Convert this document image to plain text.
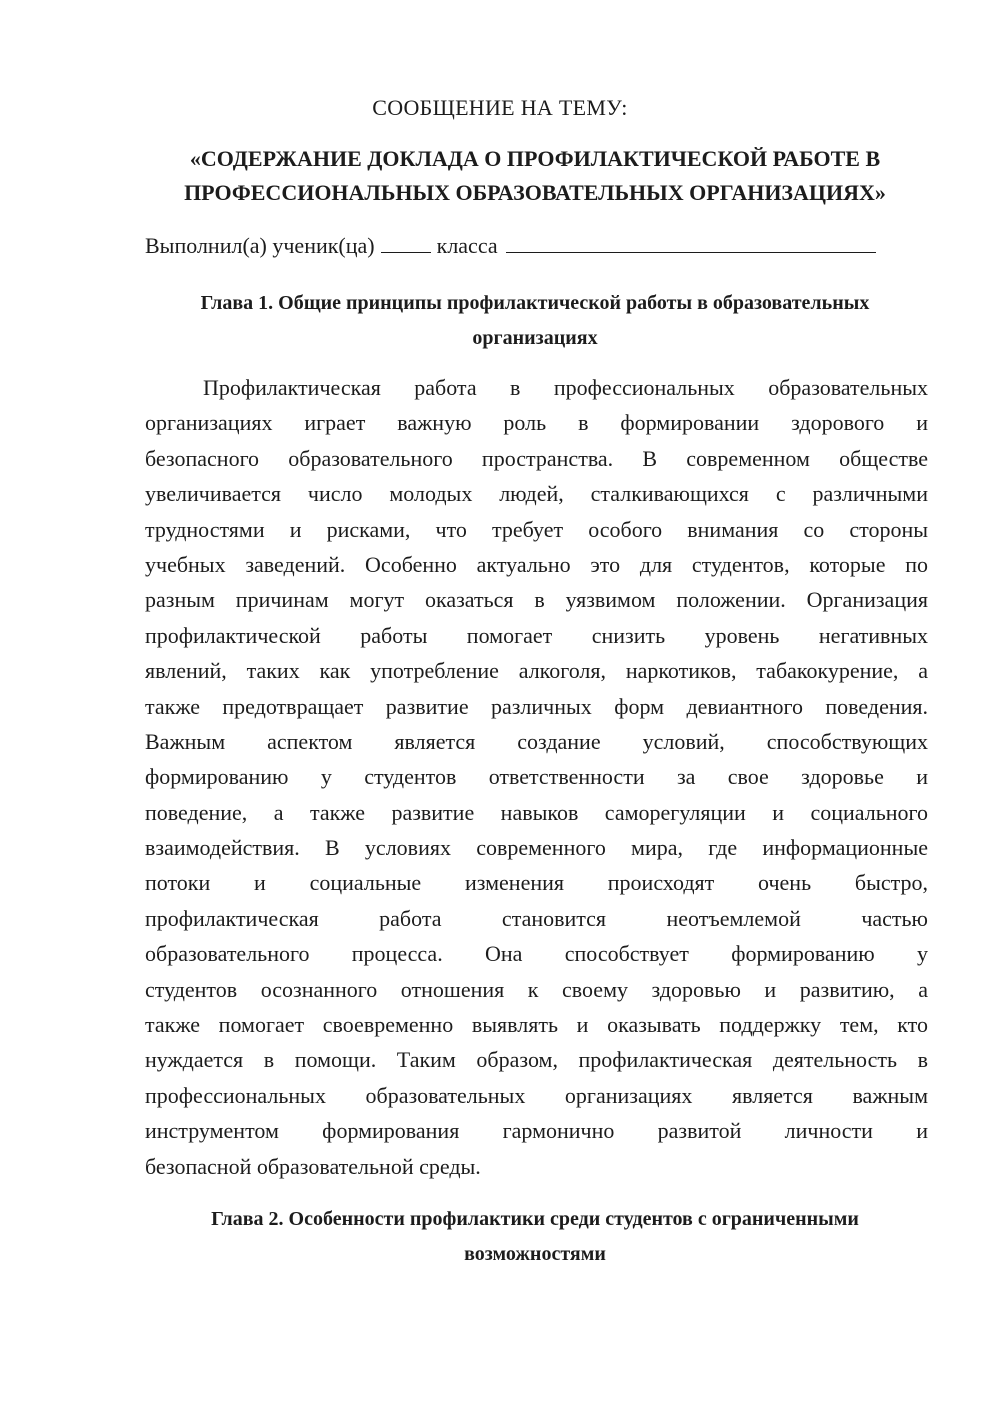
СООБЩЕНИЕ НА ТЕМУ:
«СОДЕРЖАНИЕ ДОКЛАДА О ПРОФИЛАКТИЧЕСКОЙ РАБОТЕ В
ПРОФЕССИОНАЛЬНЫХ ОБРАЗОВАТЕЛЬНЫХ ОРГАНИЗАЦИЯХ»
Выполнил(а) ученик(ца)	класса
Глава 1. Общие принципы профилактической работы в образовательных
организациях
Профилактическая работа в профессиональных образовательных
организациях играет важную роль в формировании здорового и
безопасного образовательного пространства. В современном обществе
увеличивается число молодых людей, сталкивающихся с различными
трудностями и рисками, что требует особого внимания со стороны
учебных заведений. Особенно актуально это для студентов, которые по
разным причинам могут оказаться в уязвимом положении. Организация
профилактической работы помогает снизить уровень негативных
явлений, таких как употребление алкоголя, наркотиков, табакокурение, а
также предотвращает развитие различных форм девиантного поведения.
Важным аспектом является создание условий, способствующих
формированию у студентов ответственности за свое здоровье и
поведение, а также развитие навыков саморегуляции и социального
взаимодействия. В условиях современного мира, где информационные
потоки и социальные изменения происходят очень быстро,
профилактическая работа становится неотъемлемой частью
образовательного процесса. Она способствует формированию у
студентов осознанного отношения к своему здоровью и развитию, а
также помогает своевременно выявлять и оказывать поддержку тем, кто
нуждается в помощи. Таким образом, профилактическая деятельность в
профессиональных образовательных организациях является важным
инструментом формирования гармонично развитой личности и
безопасной образовательной среды.
Глава 2. Особенности профилактики среди студентов с ограниченными
возможностями
